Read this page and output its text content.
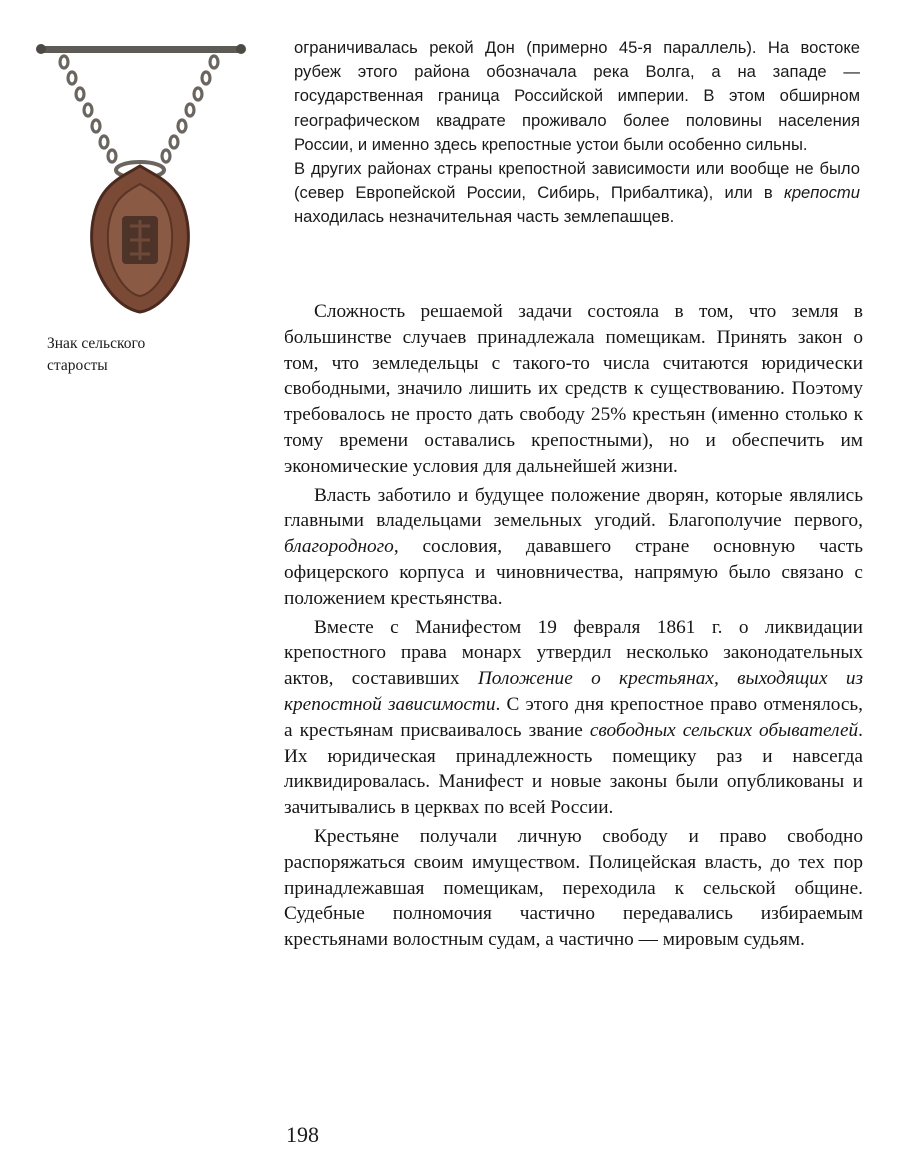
Знак сельского
старосты

ограничивалась рекой Дон (примерно 45-я параллель). На востоке рубеж этого района обозначала река Волга, а на западе — государственная граница Российской империи. В этом обширном географическом квадрате проживало более половины населения России, и именно здесь крепостные устои были особенно сильны.

В других районах страны крепостной зависимости или вообще не было (север Европейской России, Сибирь, Прибалтика), или в крепости находилась незначительная часть землепашцев.

Сложность решаемой задачи состояла в том, что земля в большинстве случаев принадлежала помещикам. Принять закон о том, что земледельцы с такого-то числа считаются юридически свободными, значило лишить их средств к существованию. Поэтому требовалось не просто дать свободу 25% крестьян (именно столько к тому времени оставались крепостными), но и обеспечить им экономические условия для дальнейшей жизни.

Власть заботило и будущее положение дворян, которые являлись главными владельцами земельных угодий. Благополучие первого, благородного, сословия, дававшего стране основную часть офицерского корпуса и чиновничества, напрямую было связано с положением крестьянства.

Вместе с Манифестом 19 февраля 1861 г. о ликвидации крепостного права монарх утвердил несколько законодательных актов, составивших Положение о крестьянах, выходящих из крепостной зависимости. С этого дня крепостное право отменялось, а крестьянам присваивалось звание свободных сельских обывателей. Их юридическая принадлежность помещику раз и навсегда ликвидировалась. Манифест и новые законы были опубликованы и зачитывались в церквах по всей России.

Крестьяне получали личную свободу и право свободно распоряжаться своим имуществом. Полицейская власть, до тех пор принадлежавшая помещикам, переходила к сельской общине. Судебные полномочия частично передавались избираемым крестьянами волостным судам, а частично — мировым судьям.

198
